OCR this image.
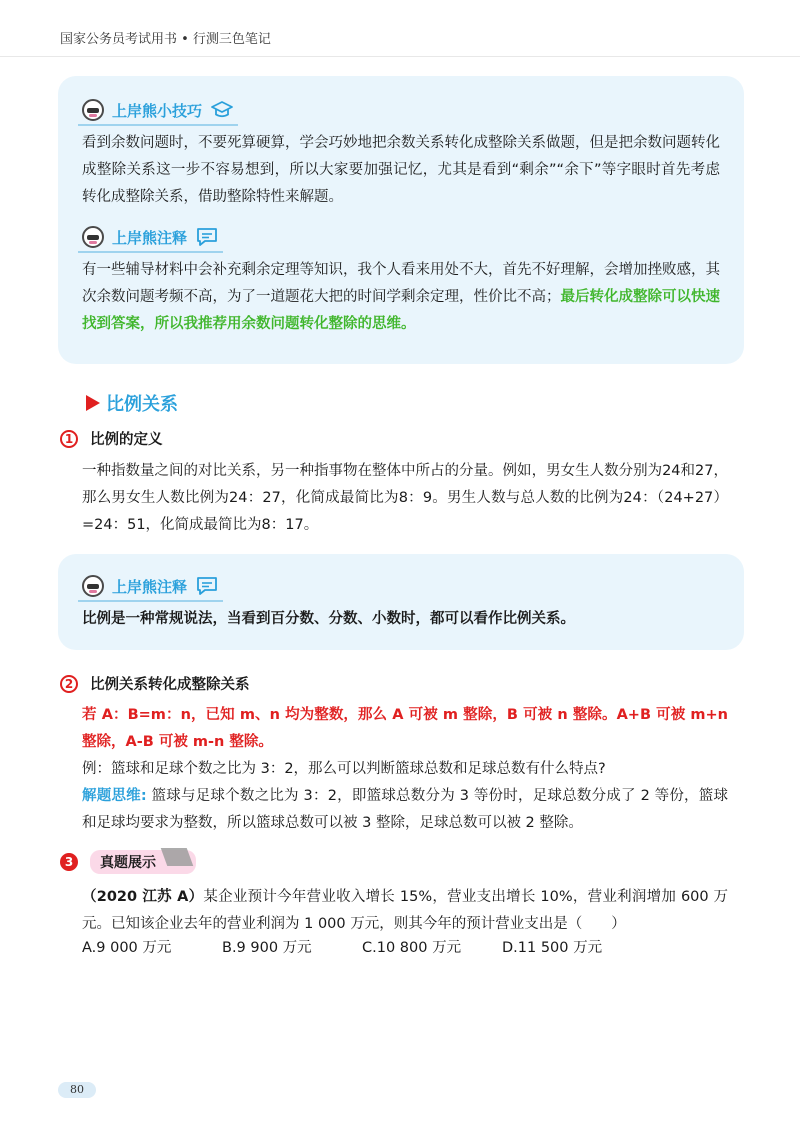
国家公务员考试用书 • 行测三色笔记
上岸熊小技巧

看到余数问题时，不要死算硬算，学会巧妙地把余数关系转化成整除关系做题，但是把余数问题转化成整除关系这一步不容易想到，所以大家要加强记忆，尤其是看到“剩余”“余下”等字眼时首先考虑转化成整除关系，借助整除特性来解题。

上岸熊注释

有一些辅导材料中会补充剩余定理等知识，我个人看来用处不大，首先不好理解，会增加挫败感，其次余数问题考频不高，为了一道题花大把的时间学剩余定理，性价比不高；最后转化成整除可以快速找到答案，所以我推荐用余数问题转化整除的思维。

比例关系
1	比例的定义
一种指数量之间的对比关系，另一种指事物在整体中所占的分量。例如，男女生人数分别为24和27，那么男女生人数比例为24：27，化简成最简比为8：9。男生人数与总人数的比例为24：（24+27）=24：51，化简成最简比为8：17。
上岸熊注释

比例是一种常规说法，当看到百分数、分数、小数时，都可以看作比例关系。

2	比例关系转化成整除关系
若 A：B=m：n，已知 m、n 均为整数，那么 A 可被 m 整除，B 可被 n 整除。A+B 可被 m+n 整除，A-B 可被 m-n 整除。
例：篮球和足球个数之比为 3：2，那么可以判断篮球总数和足球总数有什么特点?
解题思维: 篮球与足球个数之比为 3：2，即篮球总数分为 3 等份时，足球总数分成了 2 等份，篮球和足球均要求为整数，所以篮球总数可以被 3 整除，足球总数可以被 2 整除。
3	真题展示
（2020 江苏 A）某企业预计今年营业收入增长 15%，营业支出增长 10%，营业利润增加 600 万元。已知该企业去年的营业利润为 1 000 万元，则其今年的预计营业支出是（　　）
A.9 000 万元	B.9 900 万元	C.10 800 万元	D.11 500 万元
80
